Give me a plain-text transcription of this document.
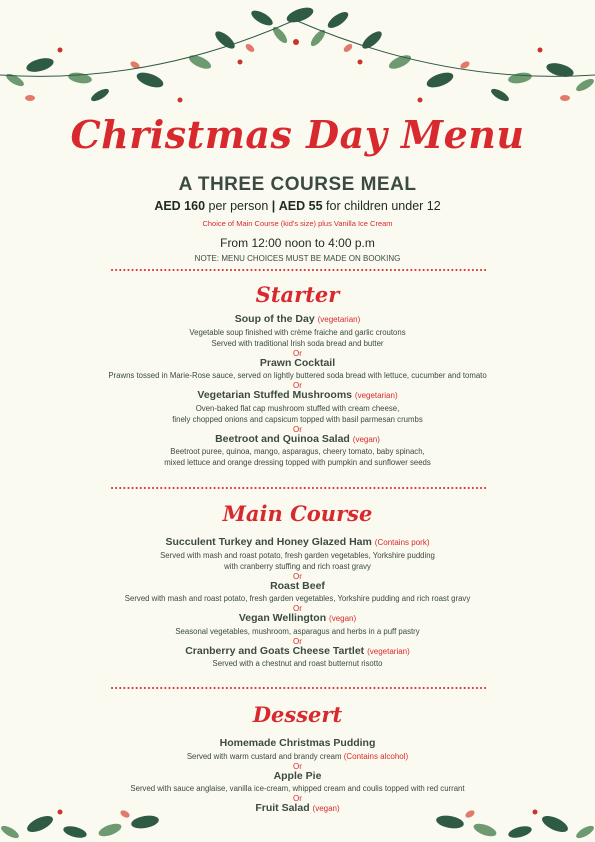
Christmas Day Menu
A THREE COURSE MEAL
AED 160 per person | AED 55 for children under 12
Choice of Main Course (kid's size) plus Vanilla Ice Cream
From 12:00 noon to 4:00 p.m
NOTE: MENU CHOICES MUST BE MADE ON BOOKING
Starter
Soup of the Day (vegetarian)
Vegetable soup finished with crème fraiche and garlic croutons
Served with traditional Irish soda bread and butter
Or
Prawn Cocktail
Prawns tossed in Marie-Rose sauce, served on lightly buttered soda bread with lettuce, cucumber and tomato
Or
Vegetarian Stuffed Mushrooms (vegetarian)
Oven-baked flat cap mushroom stuffed with cream cheese,
finely chopped onions and capsicum topped with basil parmesan crumbs
Or
Beetroot and Quinoa Salad (vegan)
Beetroot puree, quinoa, mango, asparagus, cheery tomato, baby spinach,
mixed lettuce and orange dressing topped with pumpkin and sunflower seeds
Main Course
Succulent Turkey and Honey Glazed Ham (Contains pork)
Served with mash and roast potato, fresh garden vegetables, Yorkshire pudding
with cranberry stuffing and rich roast gravy
Or
Roast Beef
Served with mash and roast potato, fresh garden vegetables, Yorkshire pudding and rich roast gravy
Or
Vegan Wellington (vegan)
Seasonal vegetables, mushroom, asparagus and herbs in a puff pastry
Or
Cranberry and Goats Cheese Tartlet (vegetarian)
Served with a chestnut and roast butternut risotto
Dessert
Homemade Christmas Pudding
Served with warm custard and brandy cream (Contains alcohol)
Or
Apple Pie
Served with sauce anglaise, vanilla ice-cream, whipped cream and coulis topped with red currant
Or
Fruit Salad (vegan)
